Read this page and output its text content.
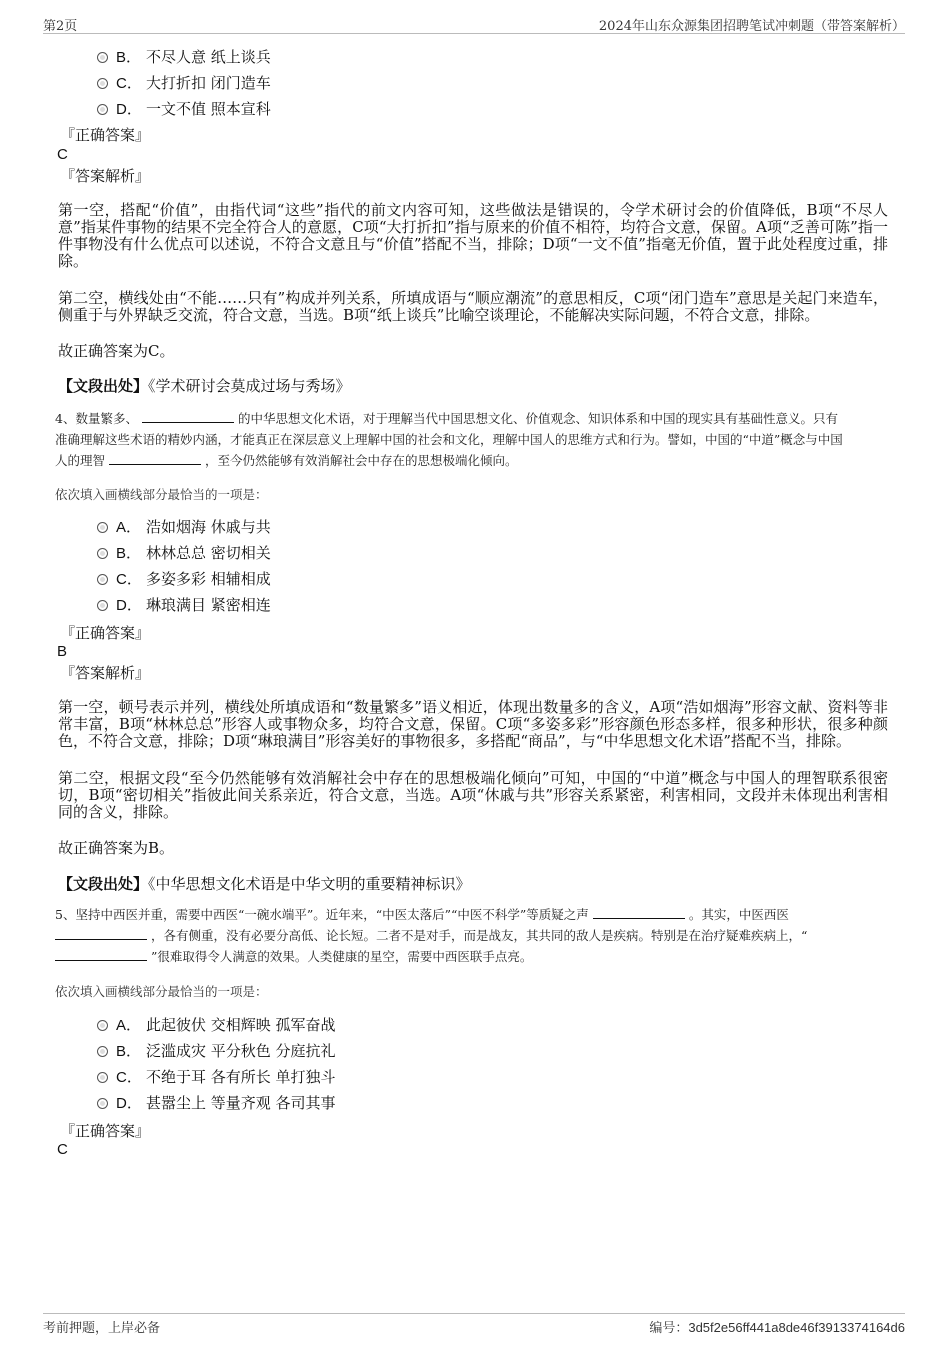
第2页	2024年山东众源集团招聘笔试冲刺题（带答案解析）
B． 不尽人意 纸上谈兵
C． 大打折扣 闭门造车
D． 一文不值 照本宣科
『正确答案』
C
『答案解析』
第一空，搭配“价值”，由指代词“这些”指代的前文内容可知，这些做法是错误的，令学术研讨会的价值降低，B项“不尽人意”指某件事物的结果不完全符合人的意愿，C项“大打折扣”指与原来的价值不相符，均符合文意，保留。A项“乏善可陈”指一件事物没有什么优点可以述说，不符合文意且与“价值”搭配不当，排除；D项“一文不值”指毫无价值，置于此处程度过重，排除。
第二空，横线处由“不能……只有”构成并列关系，所填成语与“顺应潮流”的意思相反，C项“闭门造车”意思是关起门来造车，侧重于与外界缺乏交流，符合文意，当选。B项“纸上谈兵”比喻空谈理论，不能解决实际问题，不符合文意，排除。
故正确答案为C。
【文段出处】《学术研讨会莫成过场与秀场》
4、数量繁多、	的中华思想文化术语，对于理解当代中国思想文化、价值观念、知识体系和中国的现实具有基础性意义。只有
准确理解这些术语的精妙内涵，才能真正在深层意义上理解中国的社会和文化，理解中国人的思维方式和行为。譬如，中国的“中道”概念与中国
人的理智	，至今仍然能够有效消解社会中存在的思想极端化倾向。
依次填入画横线部分最恰当的一项是：
A． 浩如烟海 休戚与共
B． 林林总总 密切相关
C． 多姿多彩 相辅相成
D． 琳琅满目 紧密相连
『正确答案』
B
『答案解析』
第一空，顿号表示并列，横线处所填成语和“数量繁多”语义相近，体现出数量多的含义，A项“浩如烟海”形容文献、资料等非常丰富，B项“林林总总”形容人或事物众多，均符合文意，保留。C项“多姿多彩”形容颜色形态多样，很多种形状，很多种颜色，不符合文意，排除；D项“琳琅满目”形容美好的事物很多，多搭配“商品”，与“中华思想文化术语”搭配不当，排除。
第二空，根据文段“至今仍然能够有效消解社会中存在的思想极端化倾向”可知，中国的“中道”概念与中国人的理智联系很密切，B项“密切相关”指彼此间关系亲近，符合文意，当选。A项“休戚与共”形容关系紧密，利害相同，文段并未体现出利害相同的含义，排除。
故正确答案为B。
【文段出处】《中华思想文化术语是中华文明的重要精神标识》
5、坚持中西医并重，需要中西医“一碗水端平”。近年来，“中医太落后”“中医不科学”等质疑之声	。其实，中医西医
，各有侧重，没有必要分高低、论长短。二者不是对手，而是战友，其共同的敌人是疾病。特别是在治疗疑难疾病上，“
”很难取得令人满意的效果。人类健康的星空，需要中西医联手点亮。
依次填入画横线部分最恰当的一项是：
A． 此起彼伏 交相辉映 孤军奋战
B． 泛滥成灾 平分秋色 分庭抗礼
C． 不绝于耳 各有所长 单打独斗
D． 甚嚣尘上 等量齐观 各司其事
『正确答案』
C
考前押题，上岸必备	编号：3d5f2e56ff441a8de46f3913374164d6
